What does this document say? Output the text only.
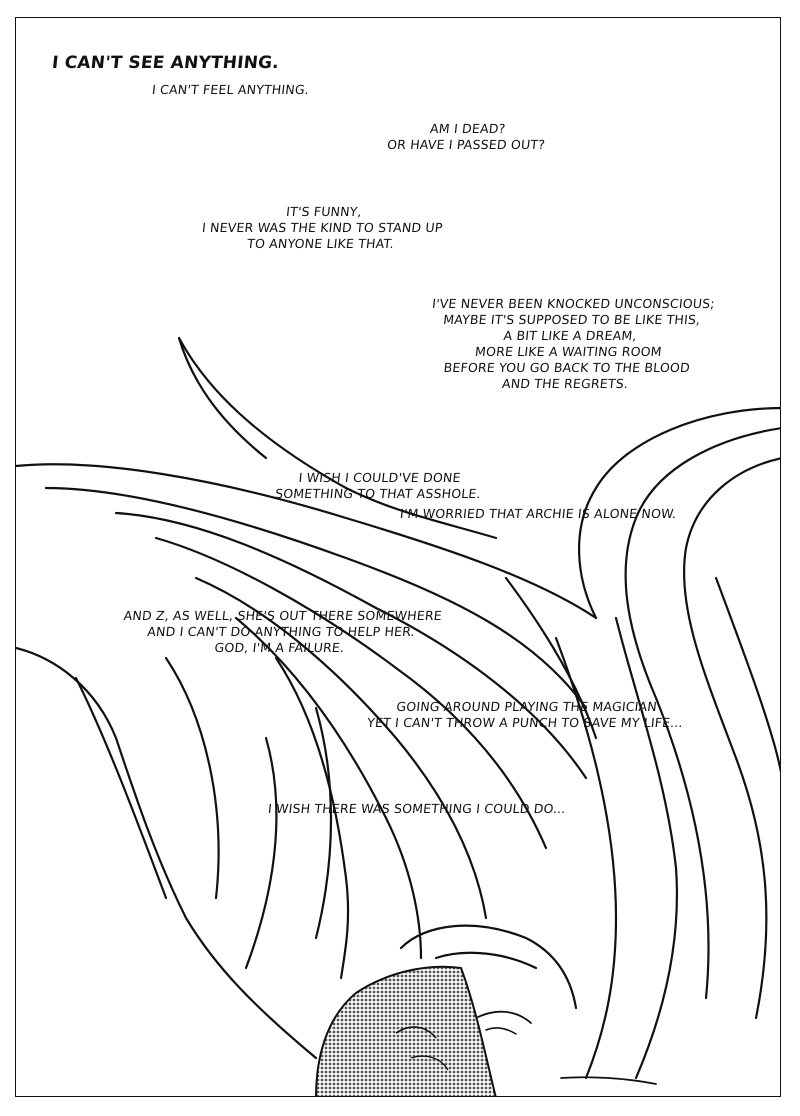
I CAN'T SEE ANYTHING.

I CAN'T FEEL ANYTHING.

AM I DEAD?
OR HAVE I PASSED OUT?

IT'S FUNNY,
I NEVER WAS THE KIND TO STAND UP
TO ANYONE LIKE THAT.

I'VE NEVER BEEN KNOCKED UNCONSCIOUS;
MAYBE IT'S SUPPOSED TO BE LIKE THIS,
A BIT LIKE A DREAM,
MORE LIKE A WAITING ROOM
BEFORE YOU GO BACK TO THE BLOOD
AND THE REGRETS.

I WISH I COULD'VE DONE
SOMETHING TO THAT ASSHOLE.

I'M WORRIED THAT ARCHIE IS ALONE NOW.

AND Z, AS WELL, SHE'S OUT THERE SOMEWHERE
AND I CAN'T DO ANYTHING TO HELP HER.
GOD, I'M A FAILURE.

GOING AROUND PLAYING THE MAGICIAN
YET I CAN'T THROW A PUNCH TO SAVE MY LIFE...

I WISH THERE WAS SOMETHING I COULD DO...
